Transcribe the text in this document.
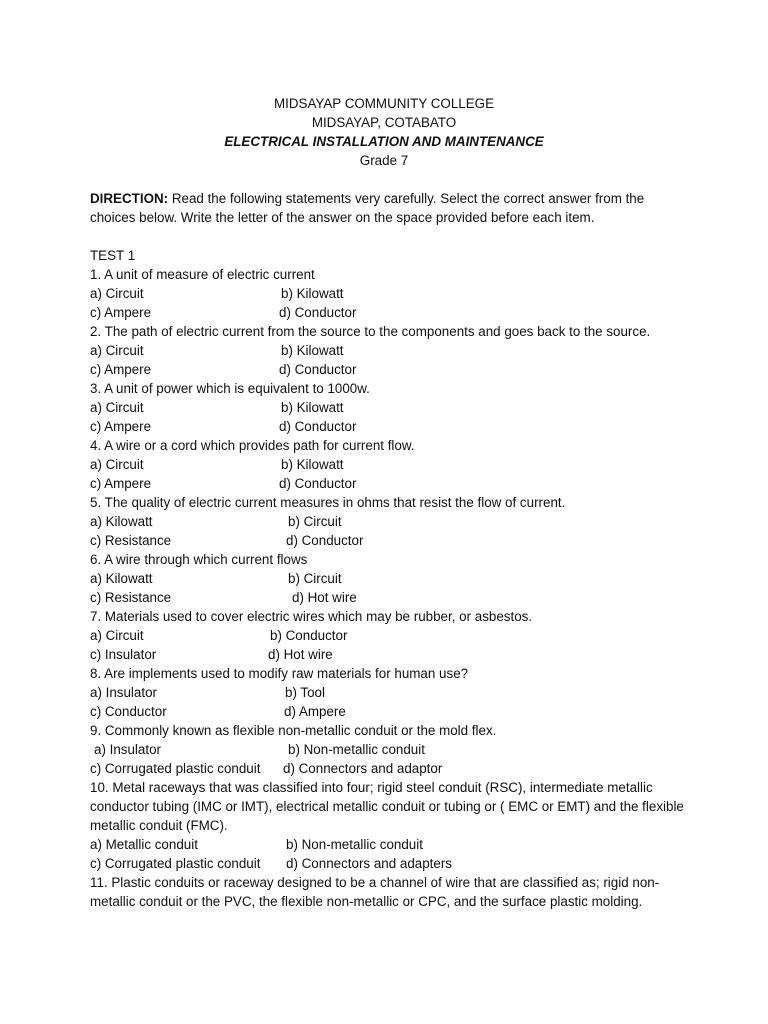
MIDSAYAP COMMUNITY COLLEGE
MIDSAYAP, COTABATO
ELECTRICAL INSTALLATION AND MAINTENANCE
Grade 7
DIRECTION: Read the following statements very carefully. Select the correct answer from the choices below. Write the letter of the answer on the space provided before each item.
TEST 1
1. A unit of measure of electric current
a) Circuit	b) Kilowatt
c) Ampere	d) Conductor
2. The path of electric current from the source to the components and goes back to the source.
a) Circuit	b) Kilowatt
c) Ampere	d) Conductor
3. A unit of power which is equivalent to 1000w.
a) Circuit	b) Kilowatt
c) Ampere	d) Conductor
4. A wire or a cord which provides path for current flow.
a) Circuit	b) Kilowatt
c) Ampere	d) Conductor
5. The quality of electric current measures in ohms that resist the flow of current.
a) Kilowatt	b) Circuit
c) Resistance	d) Conductor
6. A wire through which current flows
a) Kilowatt	b) Circuit
c) Resistance	d) Hot wire
7. Materials used to cover electric wires which may be rubber, or asbestos.
a) Circuit	b) Conductor
c) Insulator	d) Hot wire
8. Are implements used to modify raw materials for human use?
a) Insulator	b) Tool
c) Conductor	d) Ampere
9. Commonly known as flexible non-metallic conduit or the mold flex.
a) Insulator	b) Non-metallic conduit
c) Corrugated plastic conduit d) Connectors and adaptor
10. Metal raceways that was classified into four; rigid steel conduit (RSC), intermediate metallic conductor tubing (IMC or IMT), electrical metallic conduit or tubing or ( EMC or EMT) and the flexible metallic conduit (FMC).
a) Metallic conduit	b) Non-metallic conduit
c) Corrugated plastic conduit d) Connectors and adapters
11. Plastic conduits or raceway designed to be a channel of wire that are classified as; rigid non-metallic conduit or the PVC, the flexible non-metallic or CPC, and the surface plastic molding.
